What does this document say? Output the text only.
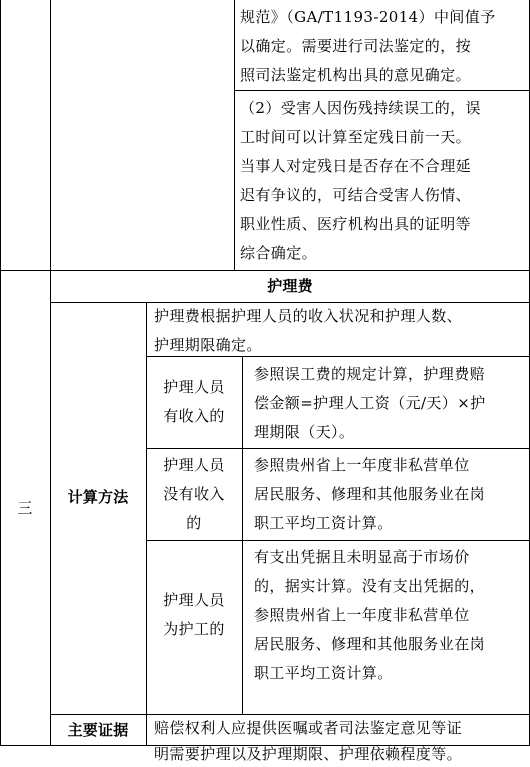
规范》（GA/T1193-2014）中间值予
以确定。需要进行司法鉴定的，按
照司法鉴定机构出具的意见确定。
（2）受害人因伤残持续误工的，误
工时间可以计算至定残日前一天。
当事人对定残日是否存在不合理延
迟有争议的，可结合受害人伤情、
职业性质、医疗机构出具的证明等
综合确定。
三
护理费
计算方法
护理费根据护理人员的收入状况和护理人数、
护理期限确定。
护理人员
有收入的
参照误工费的规定计算，护理费赔
偿金额=护理人工资（元/天）×护
理期限（天）。
护理人员
没有收入
的
参照贵州省上一年度非私营单位
居民服务、修理和其他服务业在岗
职工平均工资计算。
护理人员
为护工的
有支出凭据且未明显高于市场价
的，据实计算。没有支出凭据的，
参照贵州省上一年度非私营单位
居民服务、修理和其他服务业在岗
职工平均工资计算。
主要证据	赔偿权利人应提供医嘱或者司法鉴定意见等证
明需要护理以及护理期限、护理依赖程度等。
